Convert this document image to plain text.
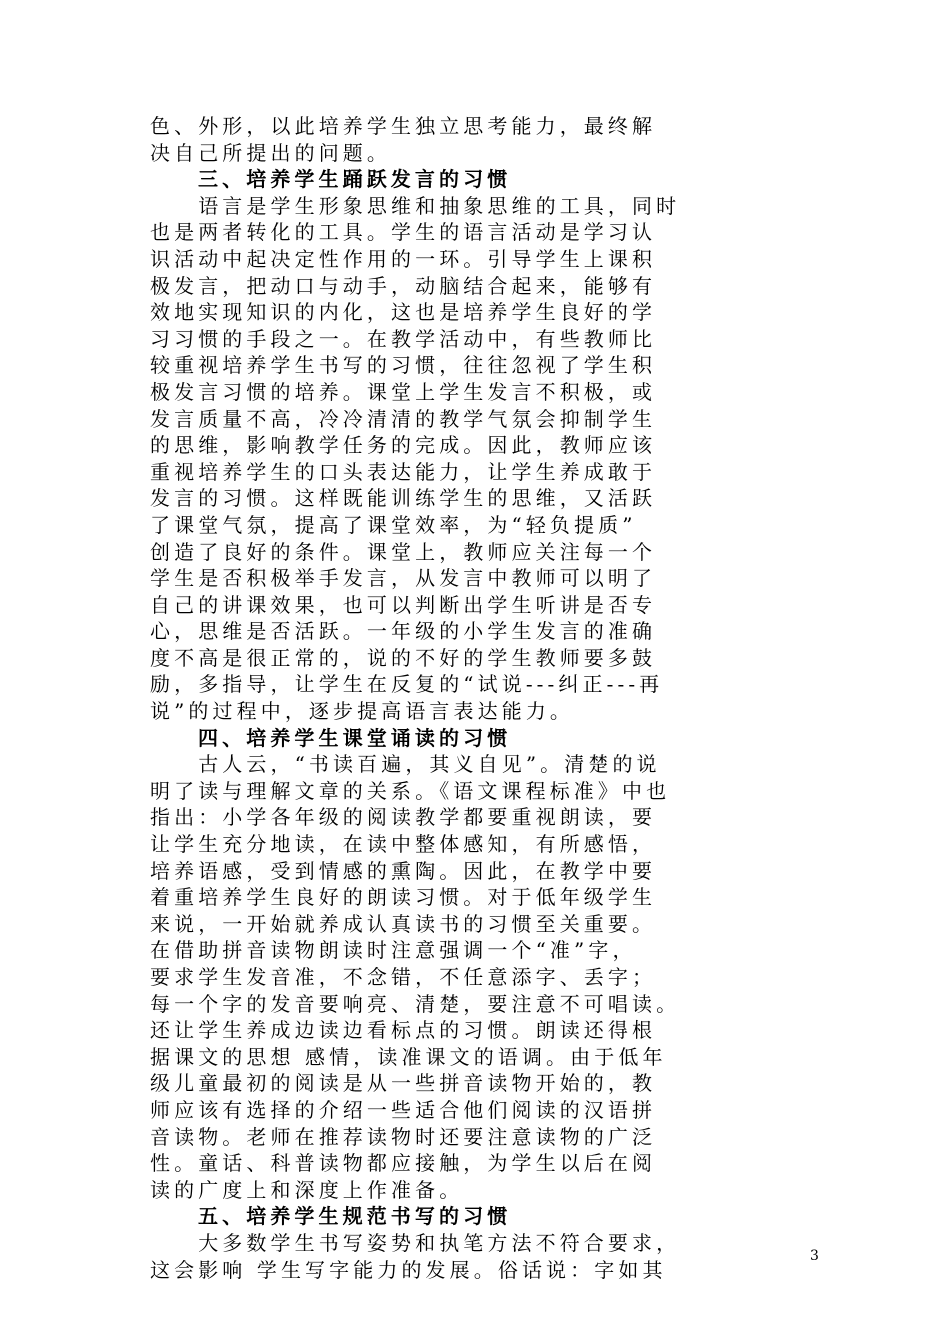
色、外形，以此培养学生独立思考能力，最终解
决自己所提出的问题。
三、培养学生踊跃发言的习惯
　　语言是学生形象思维和抽象思维的工具，同时
也是两者转化的工具。学生的语言活动是学习认
识活动中起决定性作用的一环。引导学生上课积
极发言，把动口与动手，动脑结合起来，能够有
效地实现知识的内化，这也是培养学生良好的学
习习惯的手段之一。在教学活动中，有些教师比
较重视培养学生书写的习惯，往往忽视了学生积
极发言习惯的培养。课堂上学生发言不积极，或
发言质量不高，冷冷清清的教学气氛会抑制学生
的思维，影响教学任务的完成。因此，教师应该
重视培养学生的口头表达能力，让学生养成敢于
发言的习惯。这样既能训练学生的思维，又活跃
了课堂气氛，提高了课堂效率，为“轻负提质”
创造了良好的条件。课堂上，教师应关注每一个
学生是否积极举手发言，从发言中教师可以明了
自己的讲课效果，也可以判断出学生听讲是否专
心，思维是否活跃。一年级的小学生发言的准确
度不高是很正常的，说的不好的学生教师要多鼓
励，多指导，让学生在反复的“试说---纠正---再
说”的过程中，逐步提高语言表达能力。
四、培养学生课堂诵读的习惯
　　古人云，“书读百遍，其义自见”。清楚的说
明了读与理解文章的关系。《语文课程标准》中也
指出：小学各年级的阅读教学都要重视朗读，要
让学生充分地读，在读中整体感知，有所感悟，
培养语感，受到情感的熏陶。因此，在教学中要
着重培养学生良好的朗读习惯。对于低年级学生
来说，一开始就养成认真读书的习惯至关重要。
在借助拼音读物朗读时注意强调一个“准”字，
要求学生发音准，不念错，不任意添字、丢字；
每一个字的发音要响亮、清楚，要注意不可唱读。
还让学生养成边读边看标点的习惯。朗读还得根
据课文的思想 感情，读准课文的语调。由于低年
级儿童最初的阅读是从一些拼音读物开始的，教
师应该有选择的介绍一些适合他们阅读的汉语拼
音读物。老师在推荐读物时还要注意读物的广泛
性。童话、科普读物都应接触，为学生以后在阅
读的广度上和深度上作准备。
五、培养学生规范书写的习惯
　　大多数学生书写姿势和执笔方法不符合要求，
这会影响 学生写字能力的发展。俗话说：字如其
3
